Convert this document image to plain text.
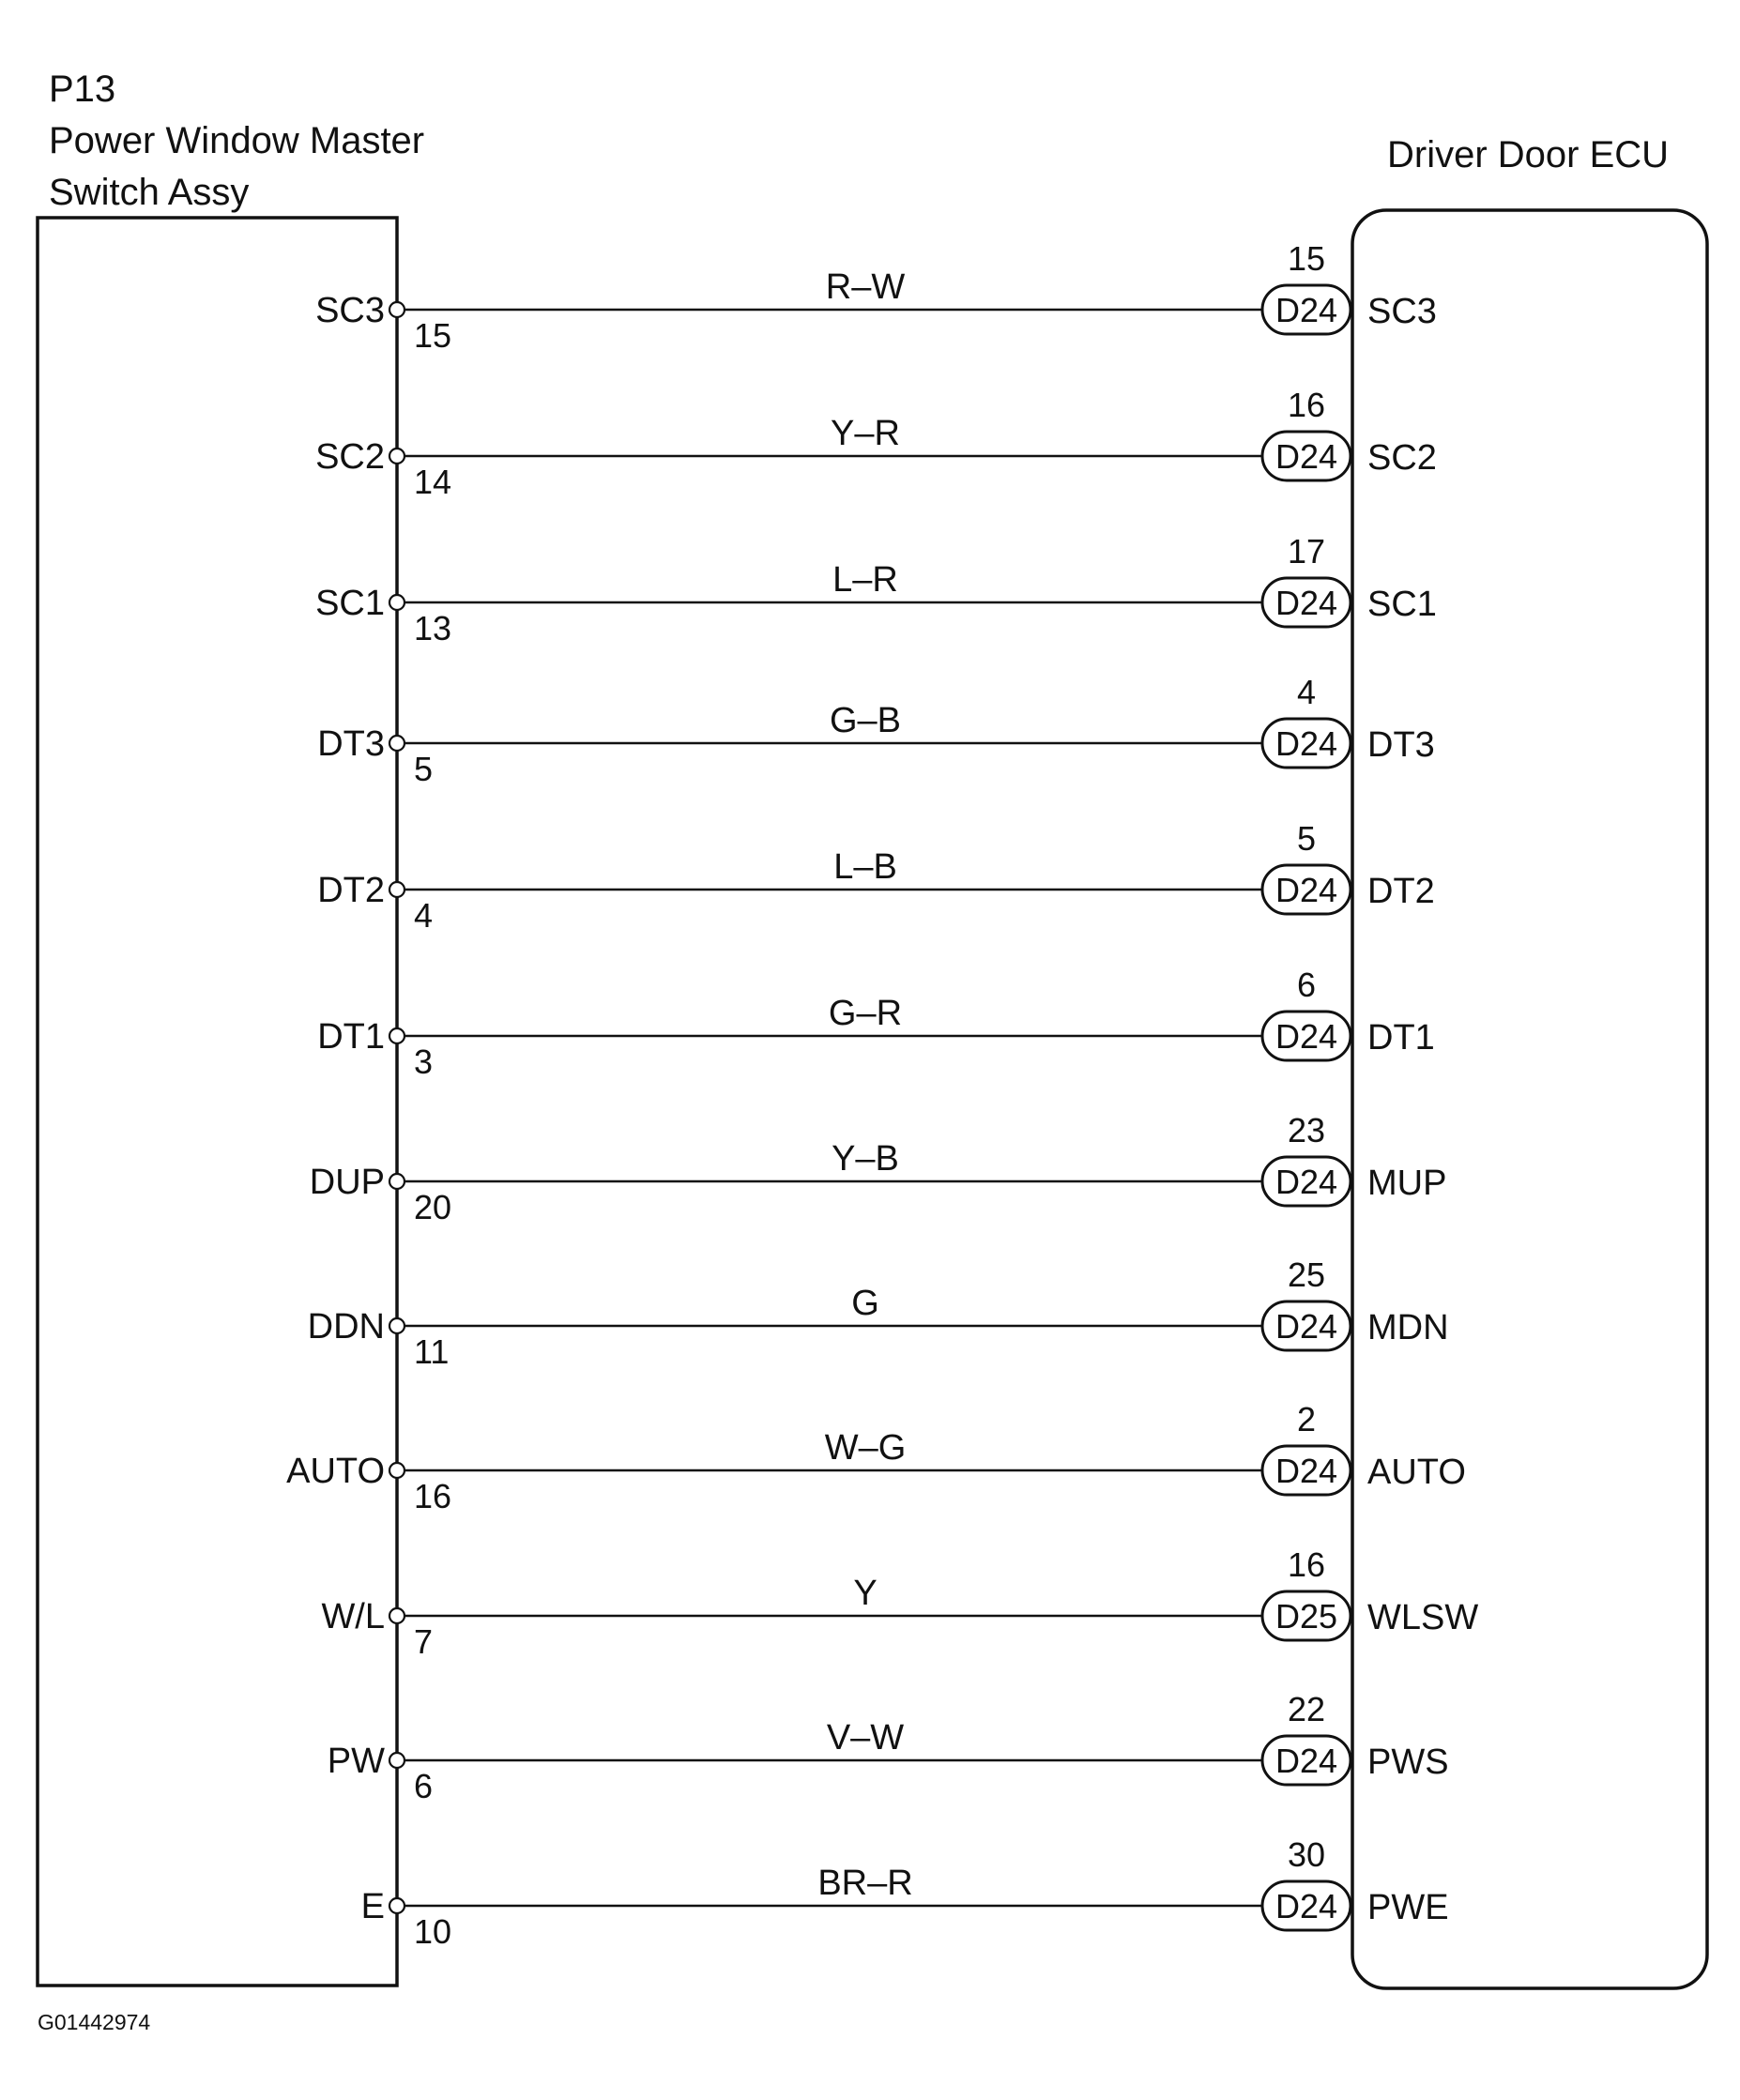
P13
Power Window Master
Switch Assy
Driver Door ECU
SC3
15
R–W
15
D24 SC3
SC2
14
Y–R
16
D24 SC2
SC1
13
L–R
17
D24 SC1
DT3
5
G–B
4
D24 DT3
DT2
4
L–B
5
D24 DT2
DT1
3
G–R
6
D24 DT1
DUP
20
Y–B
23
D24 MUP
DDN
11
G
25
D24 MDN
AUTO
16
W–G
2
D24 AUTO
W/L
7
Y
16
D25 WLSW
PW
6
V–W
22
D24 PWS
E
10
BR–R
30
D24 PWE
G01442974
